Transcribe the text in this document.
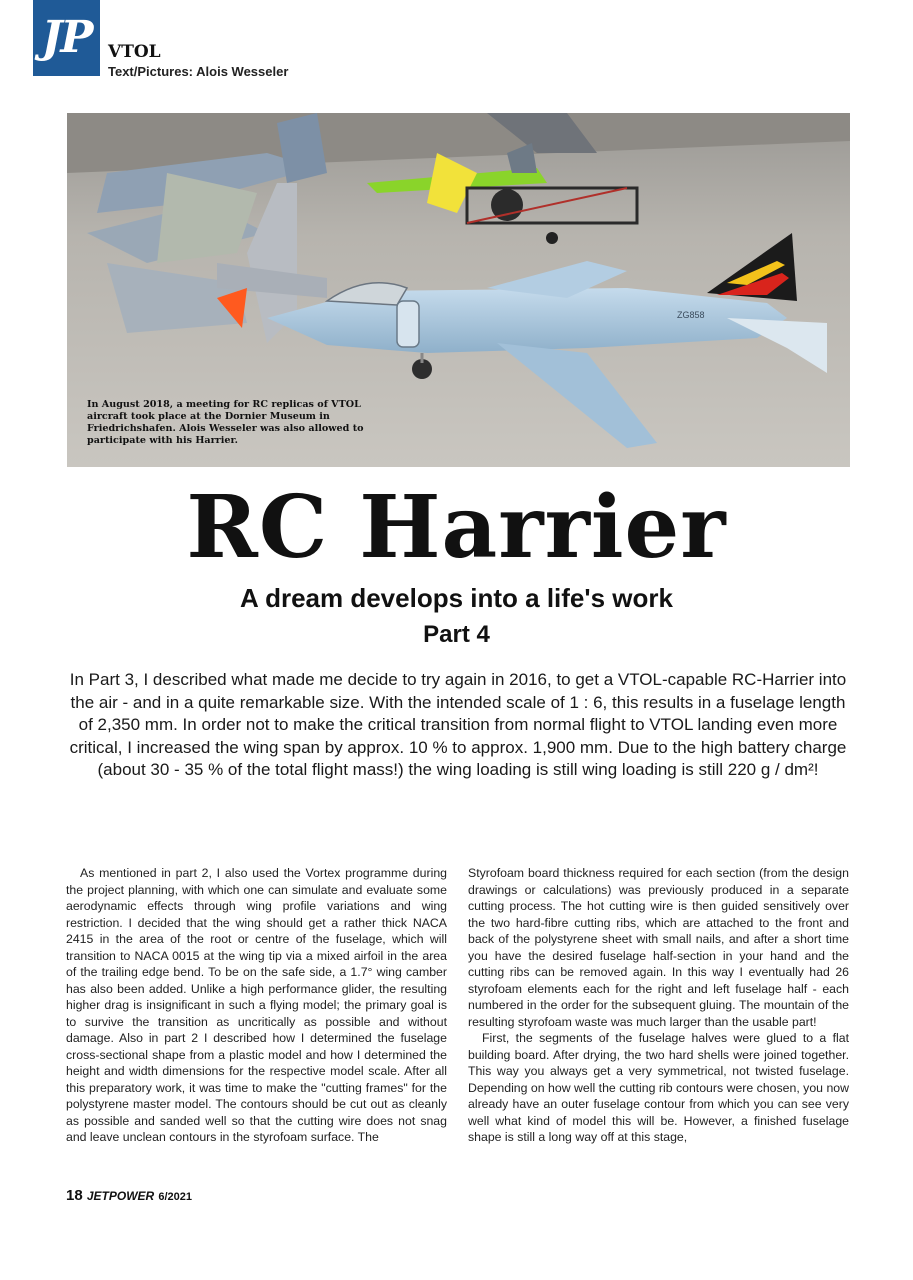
JP VTOL
Text/Pictures: Alois Wesseler
ZG858
In August 2018, a meeting for RC replicas of VTOL aircraft took place at the Dornier Museum in Friedrichshafen. Alois Wesseler was also allowed to participate with his Harrier.
RC Harrier
A dream develops into a life's work
Part 4
In Part 3, I described what made me decide to try again in 2016, to get a VTOL-capable RC-Harrier into the air - and in a quite remarkable size. With the intended scale of 1 : 6, this results in a fuselage length of 2,350 mm. In order not to make the critical transition from normal flight to VTOL landing even more critical, I increased the wing span by approx. 10 % to approx. 1,900 mm. Due to the high battery charge (about 30 - 35 % of the total flight mass!) the wing loading is still wing loading is still 220 g / dm²!

As mentioned in part 2, I also used the Vortex programme during the project planning, with which one can simulate and evaluate some aerodynamic effects through wing profile variations and wing restriction. I decided that the wing should get a rather thick NACA 2415 in the area of the root or centre of the fuselage, which will transition to NACA 0015 at the wing tip via a mixed airfoil in the area of the trailing edge bend. To be on the safe side, a 1.7° wing camber has also been added. Unlike a high performance glider, the resulting higher drag is insignificant in such a flying model; the primary goal is to survive the transition as uncritically as possible and without damage. Also in part 2 I described how I determined the fuselage cross-sectional shape from a plastic model and how I determined the height and width dimensions for the respective model scale. After all this preparatory work, it was time to make the "cutting frames" for the polystyrene master model. The contours should be cut out as cleanly as possible and sanded well so that the cutting wire does not snag and leave unclean contours in the styrofoam surface. The

Styrofoam board thickness required for each section (from the design drawings or calculations) was previously produced in a separate cutting process. The hot cutting wire is then guided sensitively over the two hard-fibre cutting ribs, which are attached to the front and back of the polystyrene sheet with small nails, and after a short time you have the desired fuselage half-section in your hand and the cutting ribs can be removed again. In this way I eventually had 26 styrofoam elements each for the right and left fuselage half - each numbered in the order for the subsequent gluing. The mountain of the resulting styrofoam waste was much larger than the usable part!

First, the segments of the fuselage halves were glued to a flat building board. After drying, the two hard shells were joined together. This way you always get a very symmetrical, not twisted fuselage. Depending on how well the cutting rib contours were chosen, you now already have an outer fuselage contour from which you can see very well what kind of model this will be. However, a finished fuselage shape is still a long way off at this stage,

18 JETPOWER 6/2021
